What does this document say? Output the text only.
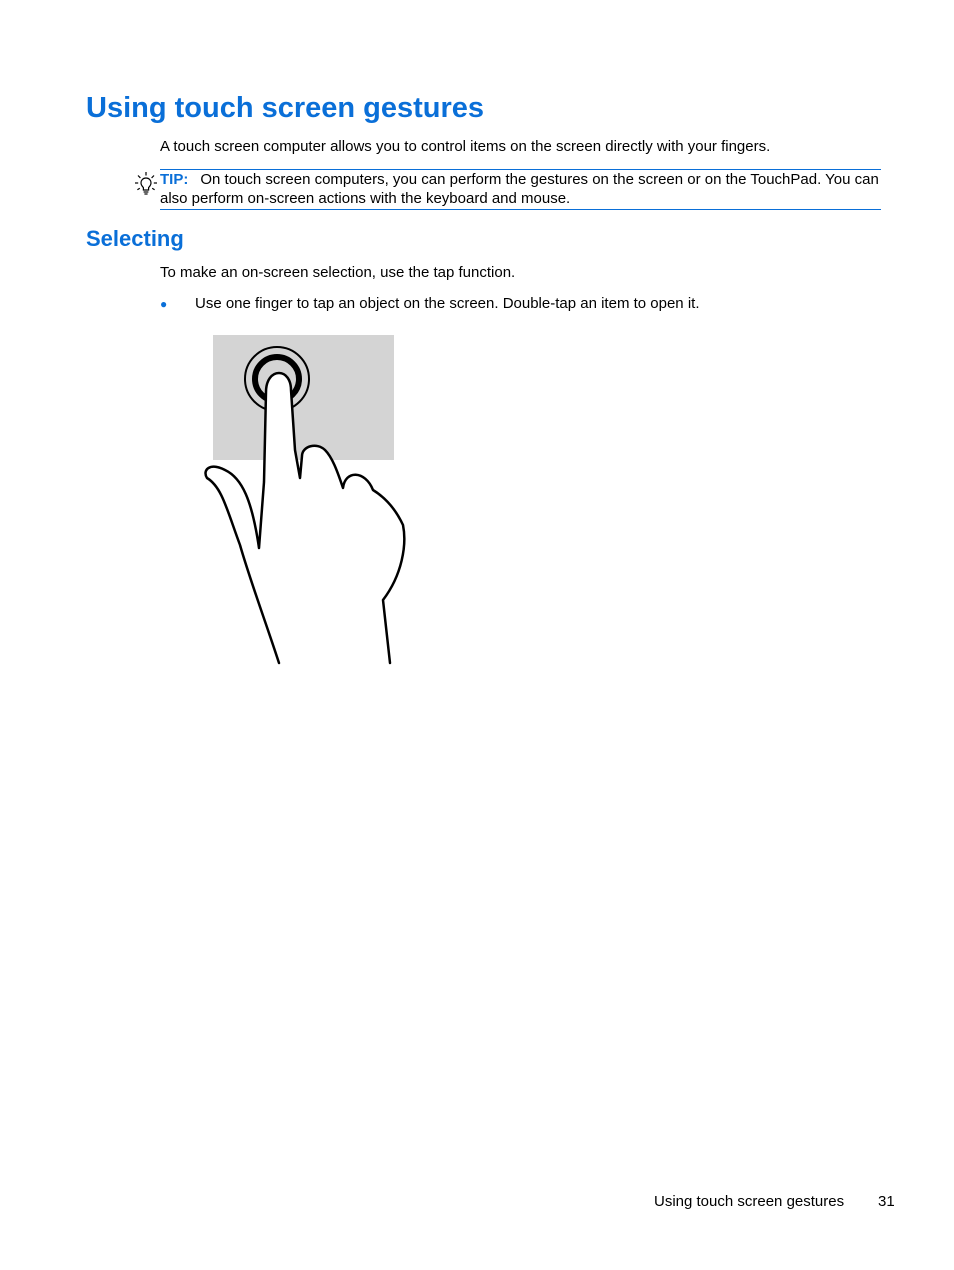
Using touch screen gestures
A touch screen computer allows you to control items on the screen directly with your fingers.
TIP: On touch screen computers, you can perform the gestures on the screen or on the TouchPad. You can also perform on-screen actions with the keyboard and mouse.
Selecting
To make an on-screen selection, use the tap function.
● Use one finger to tap an object on the screen. Double-tap an item to open it.
Using touch screen gestures 31
